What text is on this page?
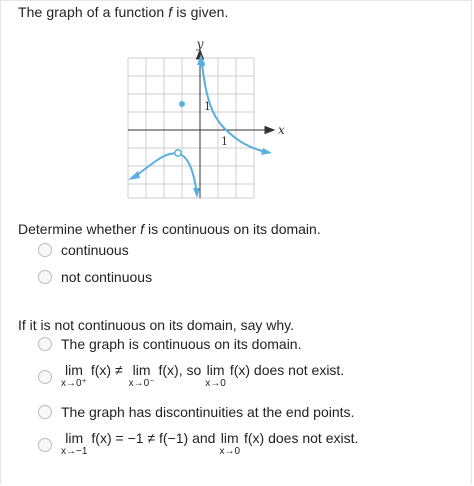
The graph of a function f is given.
y
x
1
1
Determine whether f is continuous on its domain.
continuous
not continuous
If it is not continuous on its domain, say why.
The graph is continuous on its domain.
lim
x→0⁺
f(x) ≠ lim
x→0⁻
f(x), so lim
x→0
f(x) does not exist.
The graph has discontinuities at the end points.
lim
x→−1
f(x) = −1 ≠ f(−1) and lim
x→0
f(x) does not exist.
